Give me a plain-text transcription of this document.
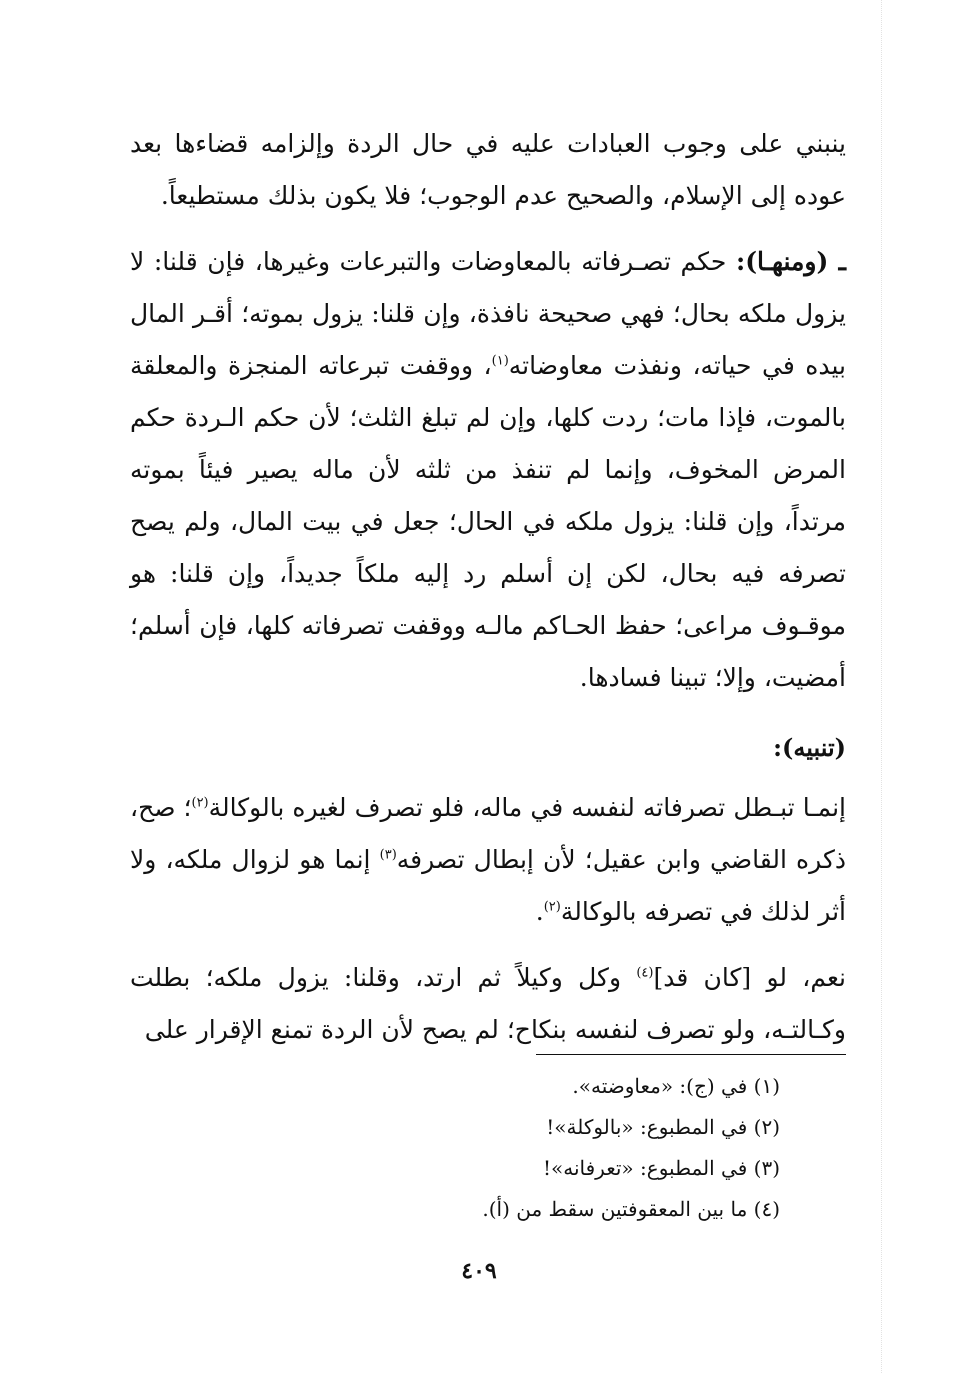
ينبني على وجوب العبادات عليه في حال الردة وإلزامه قضاءها بعد عوده إلى الإسلام، والصحيح عدم الوجوب؛ فلا يكون بذلك مستطيعاً.

ـ (ومنهـا): حكم تصـرفاته بالمعاوضات والتبرعات وغيرها، فإن قلنا: لا يزول ملكه بحال؛ فهي صحيحة نافذة، وإن قلنا: يزول بموته؛ أقـر المال بيده في حياته، ونفذت معاوضاته$^{(١)}$، ووقفت تبرعاته المنجزة والمعلقة بالموت، فإذا مات؛ ردت كلها، وإن لم تبلغ الثلث؛ لأن حكم الـردة حكم المرض المخوف، وإنما لم تنفذ من ثلثه لأن ماله يصير فيئاً بموته مرتداً، وإن قلنا: يزول ملكه في الحال؛ جعل في بيت المال، ولم يصح تصرفه فيه بحال، لكن إن أسلم رد إليه ملكاً جديداً، وإن قلنا: هو موقـوف مراعى؛ حفظ الحـاكم مالـه ووقفت تصرفاته كلها، فإن أسلم؛ أمضيت، وإلا؛ تبينا فسادها.

(تنبيه):

إنمـا تبـطل تصرفاته لنفسه في ماله، فلو تصرف لغيره بالوكالة$^{(٢)}$؛ صح، ذكره القاضي وابن عقيل؛ لأن إبطال تصرفه$^{(٣)}$ إنما هو لزوال ملكه، ولا أثر لذلك في تصرفه بالوكالة$^{(٢)}$.

نعم، لو [كان قد]$^{(٤)}$ وكل وكيلاً ثم ارتد، وقلنا: يزول ملكه؛ بطلت وكـالتـه، ولو تصرف لنفسه بنكاح؛ لم يصح لأن الردة تمنع الإقرار على

(١) في (ج): «معاوضته».

(٢) في المطبوع: «بالوكلة»!

(٣) في المطبوع: «تعرفانه»!

(٤) ما بين المعقوفتين سقط من (أ).

٤٠٩
